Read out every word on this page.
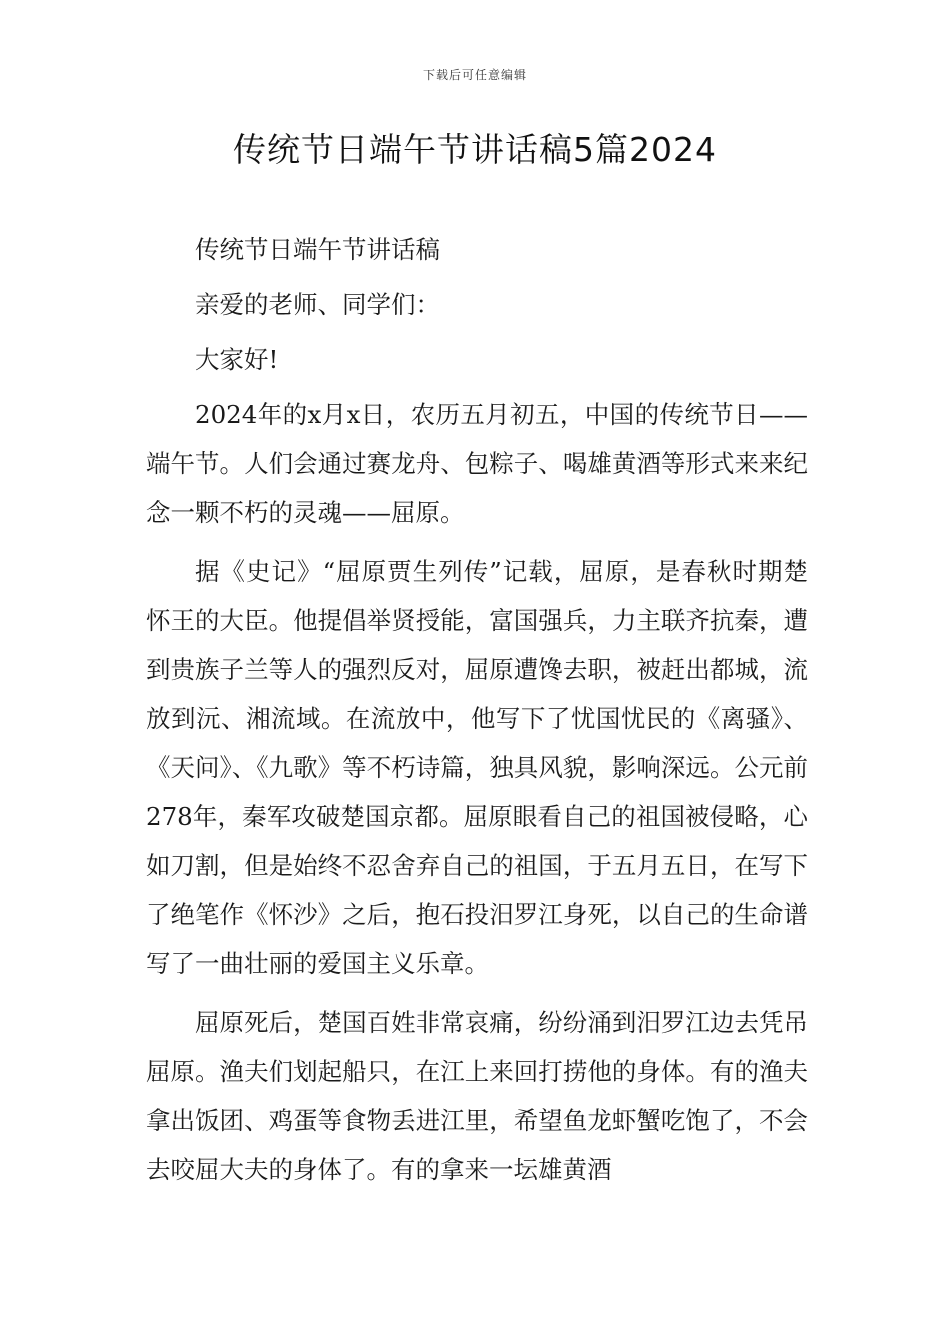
下载后可任意编辑
传统节日端午节讲话稿5篇2024

传统节日端午节讲话稿

亲爱的老师、同学们：

大家好!

2024年的x月x日，农历五月初五，中国的传统节日——端午节。人们会通过赛龙舟、包粽子、喝雄黄酒等形式来来纪念一颗不朽的灵魂——屈原。

据《史记》“屈原贾生列传”记载，屈原，是春秋时期楚怀王的大臣。他提倡举贤授能，富国强兵，力主联齐抗秦，遭到贵族子兰等人的强烈反对，屈原遭馋去职，被赶出都城，流放到沅、湘流域。在流放中，他写下了忧国忧民的《离骚》、《天问》、《九歌》等不朽诗篇，独具风貌，影响深远。公元前278年，秦军攻破楚国京都。屈原眼看自己的祖国被侵略，心如刀割，但是始终不忍舍弃自己的祖国，于五月五日，在写下了绝笔作《怀沙》之后，抱石投汨罗江身死，以自己的生命谱写了一曲壮丽的爱国主义乐章。

屈原死后，楚国百姓非常哀痛，纷纷涌到汨罗江边去凭吊屈原。渔夫们划起船只，在江上来回打捞他的身体。有的渔夫拿出饭团、鸡蛋等食物丢进江里，希望鱼龙虾蟹吃饱了，不会去咬屈大夫的身体了。有的拿来一坛雄黄酒
